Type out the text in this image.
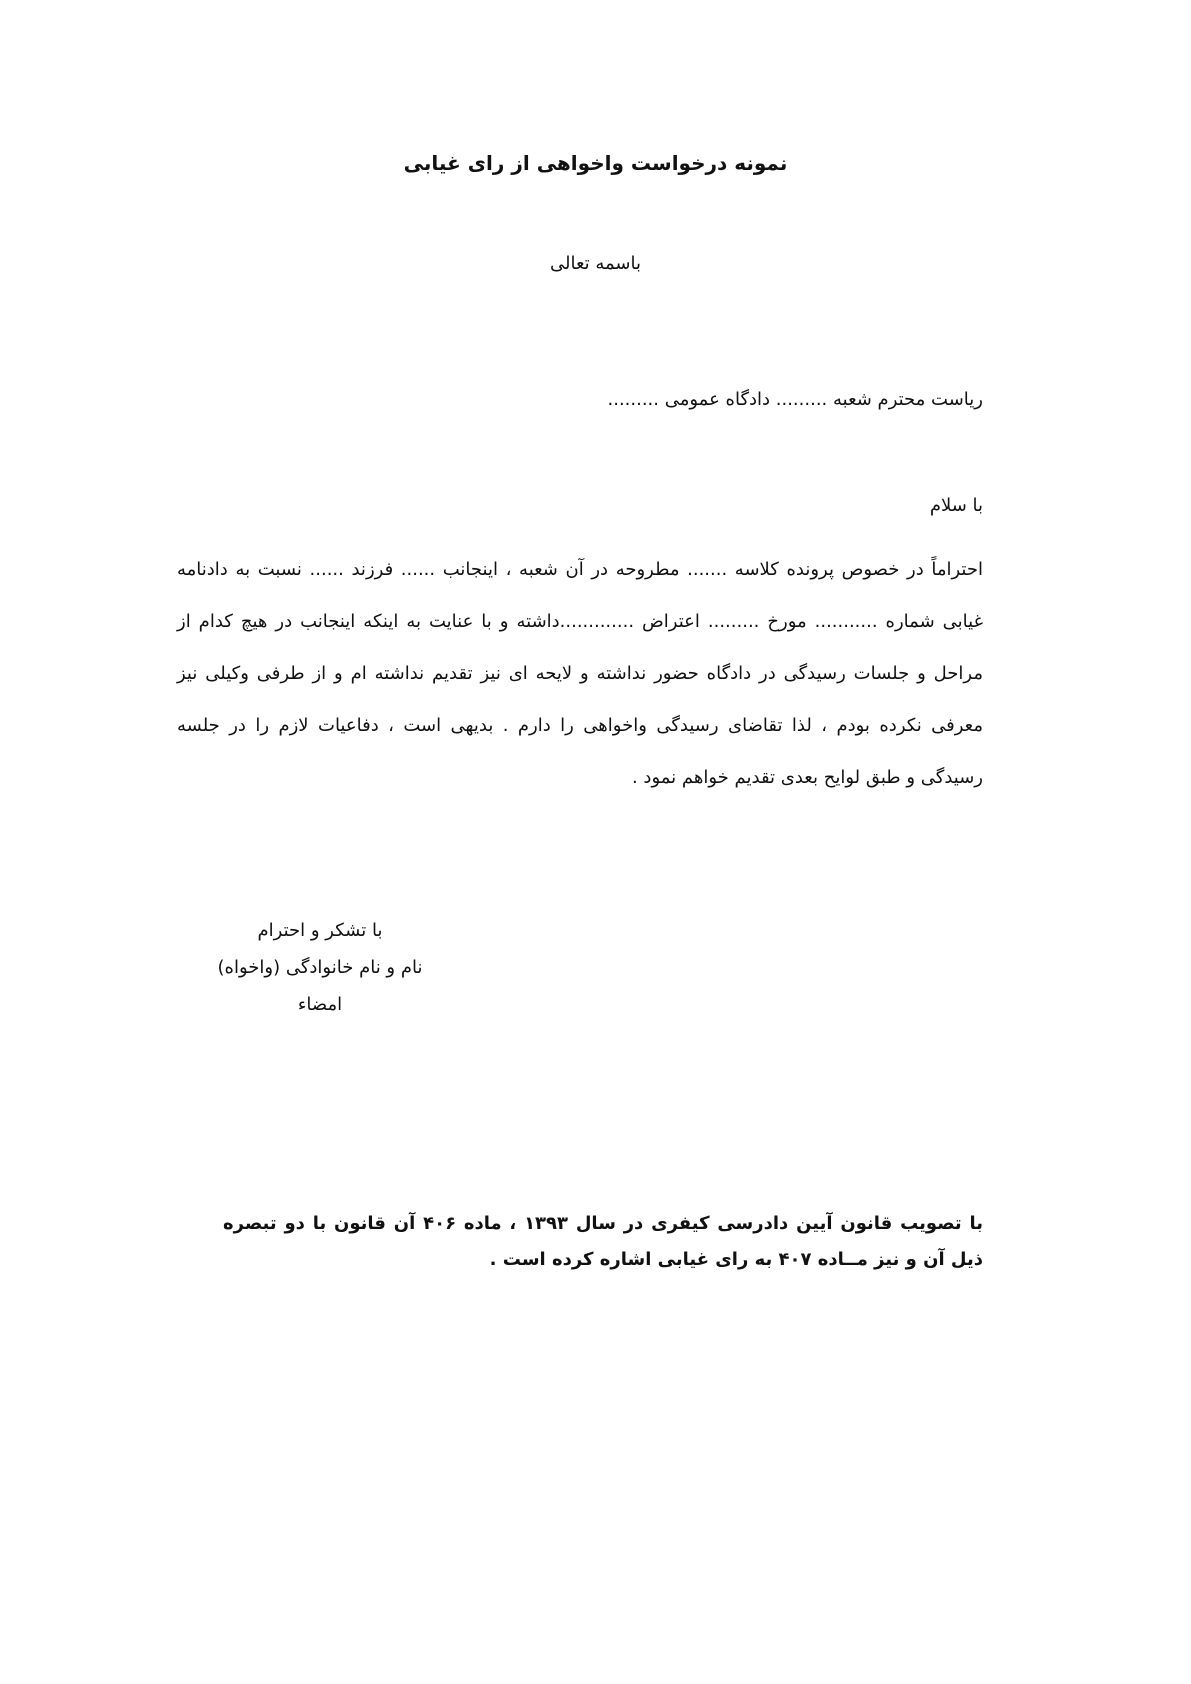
نمونه درخواست واخواهی از رای غیابی
باسمه تعالی
ریاست محترم شعبه ......... دادگاه عمومی .........
با سلام

احتراماً در خصوص پرونده کلاسه ....... مطروحه در آن شعبه ، اینجانب ...... فرزند ...... نسبت به دادنامه غیابی شماره ........... مورخ ......... اعتراض .............داشته و با عنایت به اینکه اینجانب در هیچ کدام از مراحل و جلسات رسیدگی در دادگاه حضور نداشته و لایحه ای نیز تقدیم نداشته ام و از طرفی وکیلی نیز معرفی نکرده بودم ، لذا تقاضای رسیدگی واخواهی را دارم . بدیهی است ، دفاعیات لازم را در جلسه رسیدگی و طبق لوایح بعدی تقدیم خواهم نمود .

با تشکر و احترام
نام و نام خانوادگی (واخواه)
امضاء

با تصویب قانون آیین دادرسی کیفری در سال ۱۳۹۳ ، ماده ۴۰۶ آن قانون با دو تبصره ذیل آن و نیز مــاده ۴۰۷ به رای غیابی اشاره کرده است .
